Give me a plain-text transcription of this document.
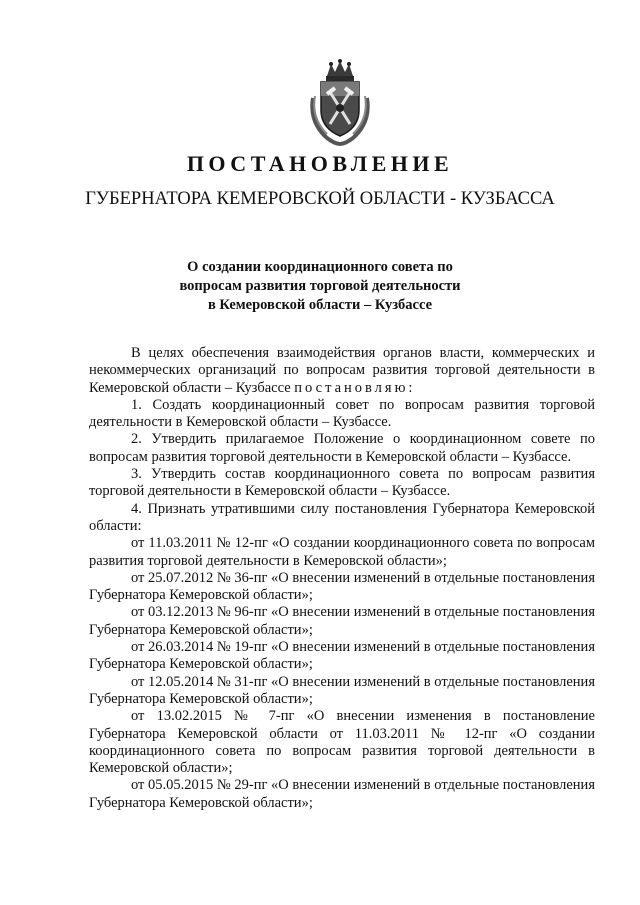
ПОСТАНОВЛЕНИЕ
ГУБЕРНАТОРА КЕМЕРОВСКОЙ ОБЛАСТИ - КУЗБАССА
О создании координационного совета по
вопросам развития торговой деятельности
в Кемеровской области – Кузбассе

В целях обеспечения взаимодействия органов власти, коммерческих и некоммерческих организаций по вопросам развития торговой деятельности в Кемеровской области – Кузбассе постановляю:

1. Создать координационный совет по вопросам развития торговой деятельности в Кемеровской области – Кузбассе.

2. Утвердить прилагаемое Положение о координационном совете по вопросам развития торговой деятельности в Кемеровской области – Кузбассе.

3. Утвердить состав координационного совета по вопросам развития торговой деятельности в Кемеровской области – Кузбассе.

4. Признать утратившими силу постановления Губернатора Кемеровской области:

от 11.03.2011 № 12-пг «О создании координационного совета по вопросам развития торговой деятельности в Кемеровской области»;

от 25.07.2012 № 36-пг «О внесении изменений в отдельные постановления Губернатора Кемеровской области»;

от 03.12.2013 № 96-пг «О внесении изменений в отдельные постановления Губернатора Кемеровской области»;

от 26.03.2014 № 19-пг «О внесении изменений в отдельные постановления Губернатора Кемеровской области»;

от 12.05.2014 № 31-пг «О внесении изменений в отдельные постановления Губернатора Кемеровской области»;

от 13.02.2015 № 7-пг «О внесении изменения в постановление Губернатора Кемеровской области от 11.03.2011 № 12-пг «О создании координационного совета по вопросам развития торговой деятельности в Кемеровской области»;

от 05.05.2015 № 29-пг «О внесении изменений в отдельные постановления Губернатора Кемеровской области»;
